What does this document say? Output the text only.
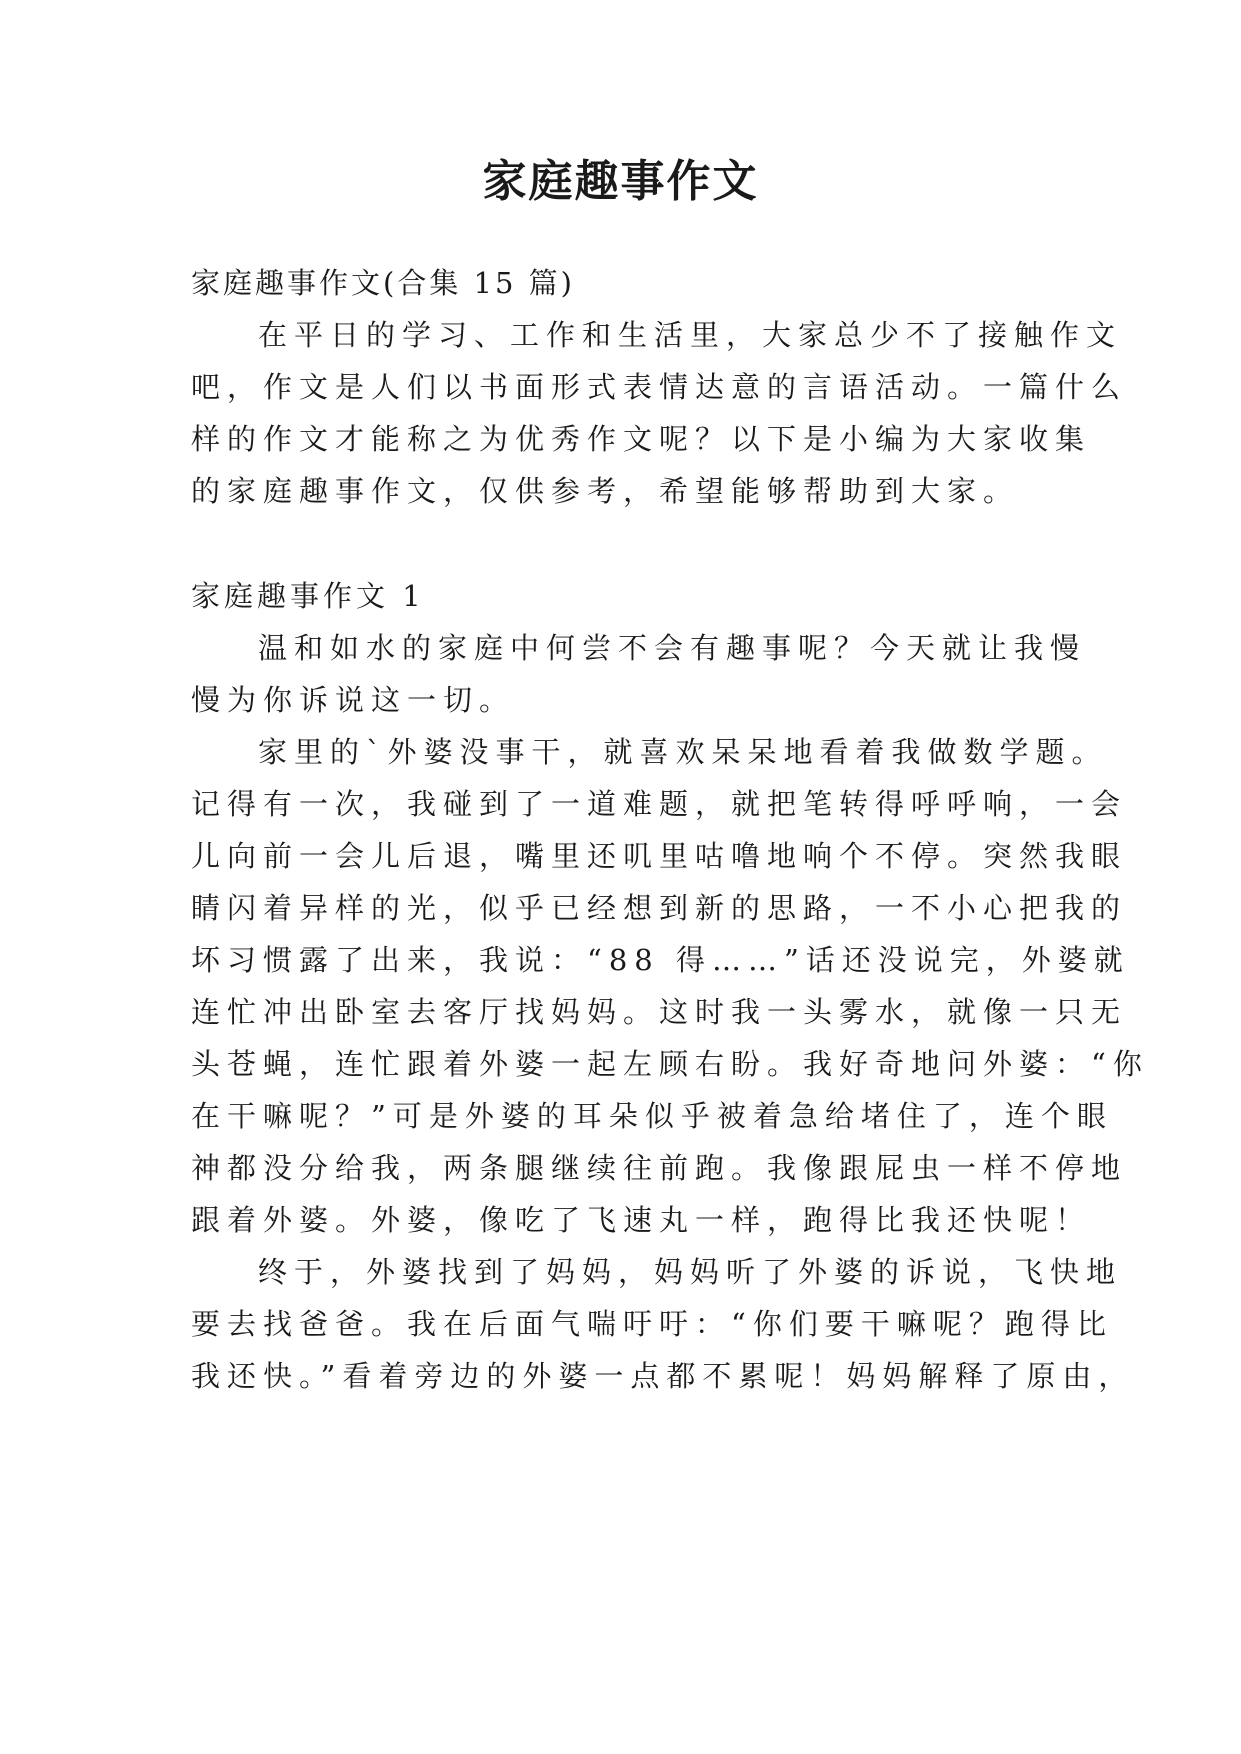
家庭趣事作文

家庭趣事作文(合集 15 篇)

在平日的学习、工作和生活里，大家总少不了接触作文

吧，作文是人们以书面形式表情达意的言语活动。一篇什么

样的作文才能称之为优秀作文呢？以下是小编为大家收集

的家庭趣事作文，仅供参考，希望能够帮助到大家。

家庭趣事作文 1

温和如水的家庭中何尝不会有趣事呢？今天就让我慢

慢为你诉说这一切。

家里的`外婆没事干，就喜欢呆呆地看着我做数学题。

记得有一次，我碰到了一道难题，就把笔转得呼呼响，一会

儿向前一会儿后退，嘴里还叽里咕噜地响个不停。突然我眼

睛闪着异样的光，似乎已经想到新的思路，一不小心把我的

坏习惯露了出来，我说：“88 得……”话还没说完，外婆就

连忙冲出卧室去客厅找妈妈。这时我一头雾水，就像一只无

头苍蝇，连忙跟着外婆一起左顾右盼。我好奇地问外婆：“你

在干嘛呢？”可是外婆的耳朵似乎被着急给堵住了，连个眼

神都没分给我，两条腿继续往前跑。我像跟屁虫一样不停地

跟着外婆。外婆，像吃了飞速丸一样，跑得比我还快呢！

终于，外婆找到了妈妈，妈妈听了外婆的诉说，飞快地

要去找爸爸。我在后面气喘吁吁：“你们要干嘛呢？跑得比

我还快。”看着旁边的外婆一点都不累呢！妈妈解释了原由，
